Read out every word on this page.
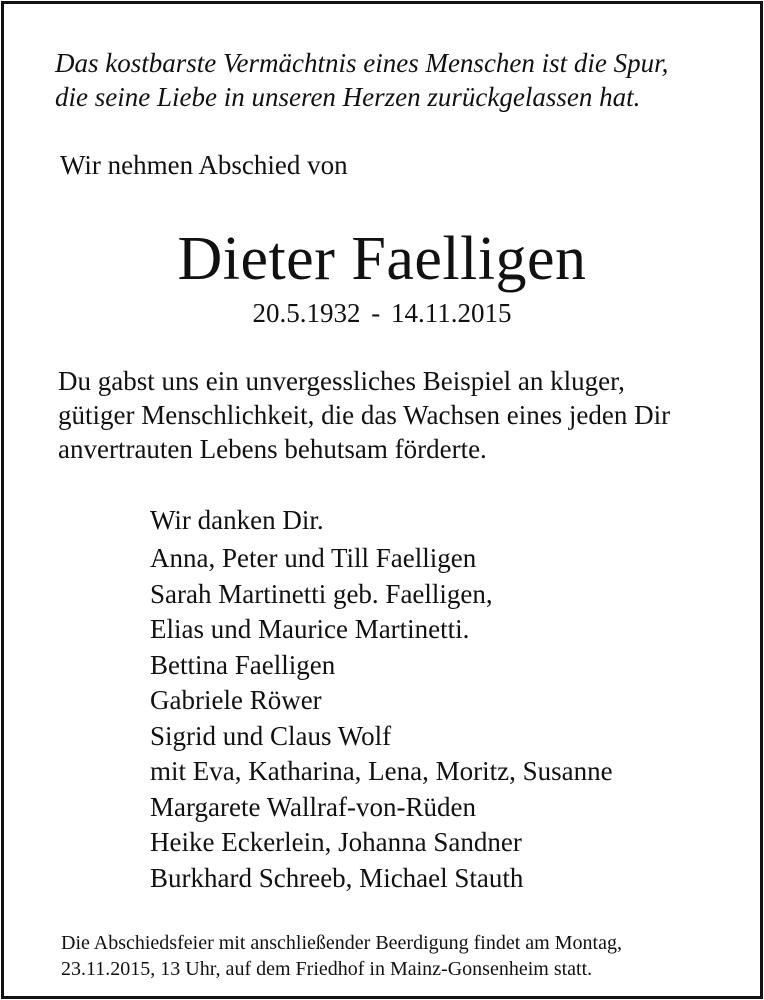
Das kostbarste Vermächtnis eines Menschen ist die Spur,
die seine Liebe in unseren Herzen zurückgelassen hat.
Wir nehmen Abschied von
Dieter Faelligen
20.5.1932 - 14.11.2015
Du gabst uns ein unvergessliches Beispiel an kluger,
gütiger Menschlichkeit, die das Wachsen eines jeden Dir
anvertrauten Lebens behutsam förderte.
Wir danken Dir.
Anna, Peter und Till Faelligen
Sarah Martinetti geb. Faelligen,
Elias und Maurice Martinetti.
Bettina Faelligen
Gabriele Röwer
Sigrid und Claus Wolf
mit Eva, Katharina, Lena, Moritz, Susanne
Margarete Wallraf-von-Rüden
Heike Eckerlein, Johanna Sandner
Burkhard Schreeb, Michael Stauth
Die Abschiedsfeier mit anschließender Beerdigung findet am Montag,
23.11.2015, 13 Uhr, auf dem Friedhof in Mainz-Gonsenheim statt.
